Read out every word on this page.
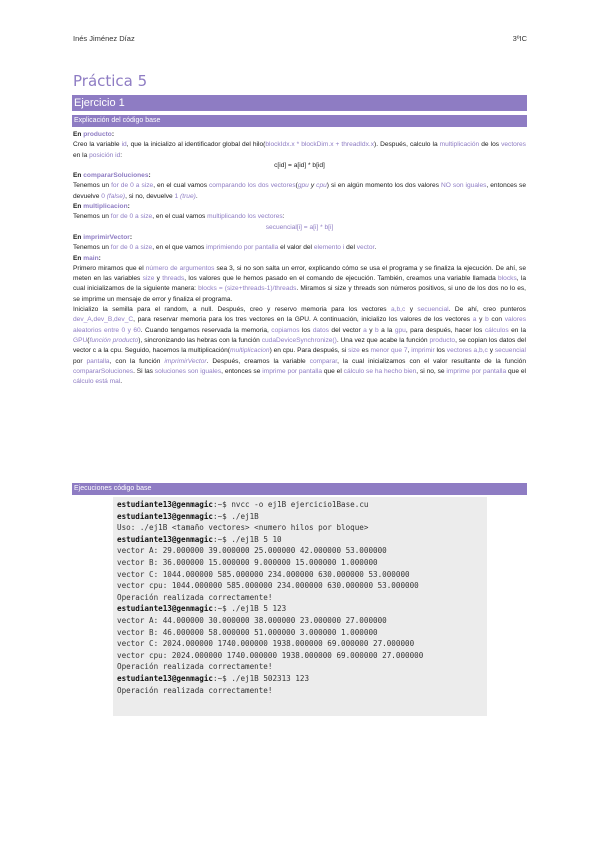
Inés Jiménez Díaz	3ºIC
Práctica 5
Ejercicio 1
Explicación del código base

En producto:

Creo la variable id, que la inicializo al identificador global del hilo(blockIdx.x * blockDim.x + threadIdx.x). Después, calculo la multiplicación de los vectores en la posición id:

c[id] = a[id] * b[id]

En compararSoluciones:

Tenemos un for de 0 a size, en el cual vamos comparando los dos vectores(gpu y cpu) si en algún momento los dos valores NO son iguales, entonces se devuelve 0 (false), si no, devuelve 1 (true).

En multiplicacion:

Tenemos un for de 0 a size, en el cual vamos multiplicando los vectores:

secuencial[i] = a[i] * b[i]

En imprimirVector:

Tenemos un for de 0 a size, en el que vamos imprimiendo por pantalla el valor del elemento i del vector.

En main:

Primero miramos que el número de argumentos sea 3, si no son salta un error, explicando cómo se usa el programa y se finaliza la ejecución. De ahí, se meten en las variables size y threads, los valores que le hemos pasado en el comando de ejecución. También, creamos una variable llamada blocks, la cual inicializamos de la siguiente manera: blocks = (size+threads-1)/threads. Miramos si size y threads son números positivos, si uno de los dos no lo es, se imprime un mensaje de error y finaliza el programa.

Inicializo la semilla para el random, a null. Después, creo y reservo memoria para los vectores a,b,c y secuencial. De ahí, creo punteros dev_A,dev_B,dev_C, para reservar memoria para los tres vectores en la GPU. A continuación, inicializo los valores de los vectores a y b con valores aleatorios entre 0 y 60. Cuando tengamos reservada la memoria, copiamos los datos del vector a y b a la gpu, para después, hacer los cálculos en la GPU(función producto), sincronizando las hebras con la función cudaDeviceSynchronize(). Una vez que acabe la función producto, se copian los datos del vector c a la cpu. Seguido, hacemos la multiplicación(multiplicacion) en cpu. Para después, si size es menor que 7, imprimir los vectores a,b,c y secuencial por pantalla, con la función imprimirVector. Después, creamos la variable comparar, la cual inicializamos con el valor resultante de la función compararSoluciones. Si las soluciones son iguales, entonces se imprime por pantalla que el cálculo se ha hecho bien, si no, se imprime por pantalla que el cálculo está mal.

Ejecuciones código base
estudiante13@genmagic:~$ nvcc -o ej1B ejercicio1Base.cu
estudiante13@genmagic:~$ ./ej1B
Uso: ./ej1B <tamaño vectores> <numero hilos por bloque>
estudiante13@genmagic:~$ ./ej1B 5 10
vector A: 29.000000 39.000000 25.000000 42.000000 53.000000
vector B: 36.000000 15.000000 9.000000 15.000000 1.000000
vector C: 1044.000000 585.000000 234.000000 630.000000 53.000000
vector cpu: 1044.000000 585.000000 234.000000 630.000000 53.000000
Operación realizada correctamente!
estudiante13@genmagic:~$ ./ej1B 5 123
vector A: 44.000000 30.000000 38.000000 23.000000 27.000000
vector B: 46.000000 58.000000 51.000000 3.000000 1.000000
vector C: 2024.000000 1740.000000 1938.000000 69.000000 27.000000
vector cpu: 2024.000000 1740.000000 1938.000000 69.000000 27.000000
Operación realizada correctamente!
estudiante13@genmagic:~$ ./ej1B 502313 123
Operación realizada correctamente!
